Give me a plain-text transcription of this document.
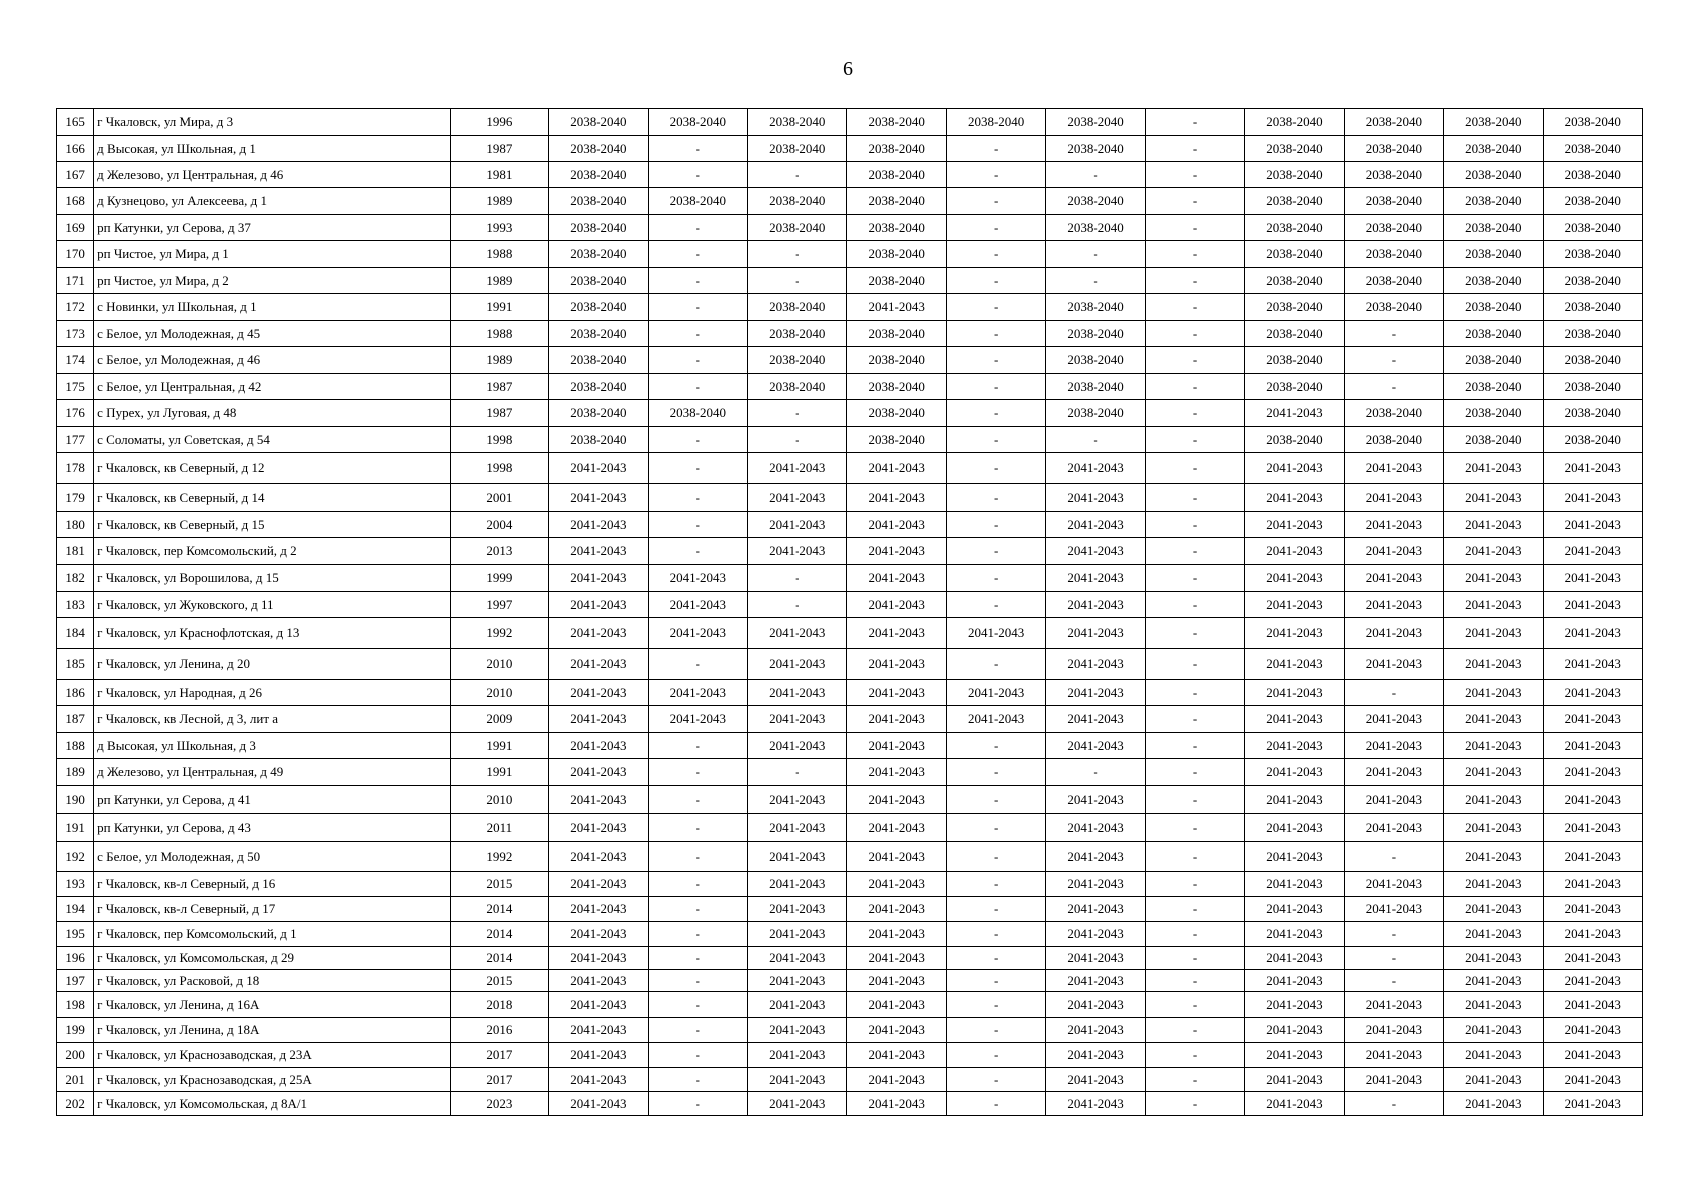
6
165	г Чкаловск, ул Мира, д 3	1996	2038-2040	2038-2040	2038-2040	2038-2040	2038-2040	2038-2040	-	2038-2040	2038-2040	2038-2040	2038-2040
166	д Высокая, ул Школьная, д 1	1987	2038-2040	-	2038-2040	2038-2040	-	2038-2040	-	2038-2040	2038-2040	2038-2040	2038-2040
167	д Железово, ул Центральная, д 46	1981	2038-2040	-	-	2038-2040	-	-	-	2038-2040	2038-2040	2038-2040	2038-2040
168	д Кузнецово, ул Алексеева, д 1	1989	2038-2040	2038-2040	2038-2040	2038-2040	-	2038-2040	-	2038-2040	2038-2040	2038-2040	2038-2040
169	рп Катунки, ул Серова, д 37	1993	2038-2040	-	2038-2040	2038-2040	-	2038-2040	-	2038-2040	2038-2040	2038-2040	2038-2040
170	рп Чистое, ул Мира, д 1	1988	2038-2040	-	-	2038-2040	-	-	-	2038-2040	2038-2040	2038-2040	2038-2040
171	рп Чистое, ул Мира, д 2	1989	2038-2040	-	-	2038-2040	-	-	-	2038-2040	2038-2040	2038-2040	2038-2040
172	с Новинки, ул Школьная, д 1	1991	2038-2040	-	2038-2040	2041-2043	-	2038-2040	-	2038-2040	2038-2040	2038-2040	2038-2040
173	с Белое, ул Молодежная, д 45	1988	2038-2040	-	2038-2040	2038-2040	-	2038-2040	-	2038-2040	-	2038-2040	2038-2040
174	с Белое, ул Молодежная, д 46	1989	2038-2040	-	2038-2040	2038-2040	-	2038-2040	-	2038-2040	-	2038-2040	2038-2040
175	с Белое, ул Центральная, д 42	1987	2038-2040	-	2038-2040	2038-2040	-	2038-2040	-	2038-2040	-	2038-2040	2038-2040
176	с Пурех, ул Луговая, д 48	1987	2038-2040	2038-2040	-	2038-2040	-	2038-2040	-	2041-2043	2038-2040	2038-2040	2038-2040
177	с Соломаты, ул Советская, д 54	1998	2038-2040	-	-	2038-2040	-	-	-	2038-2040	2038-2040	2038-2040	2038-2040
178	г Чкаловск, кв Северный, д 12	1998	2041-2043	-	2041-2043	2041-2043	-	2041-2043	-	2041-2043	2041-2043	2041-2043	2041-2043
179	г Чкаловск, кв Северный, д 14	2001	2041-2043	-	2041-2043	2041-2043	-	2041-2043	-	2041-2043	2041-2043	2041-2043	2041-2043
180	г Чкаловск, кв Северный, д 15	2004	2041-2043	-	2041-2043	2041-2043	-	2041-2043	-	2041-2043	2041-2043	2041-2043	2041-2043
181	г Чкаловск, пер Комсомольский, д 2	2013	2041-2043	-	2041-2043	2041-2043	-	2041-2043	-	2041-2043	2041-2043	2041-2043	2041-2043
182	г Чкаловск, ул Ворошилова, д 15	1999	2041-2043	2041-2043	-	2041-2043	-	2041-2043	-	2041-2043	2041-2043	2041-2043	2041-2043
183	г Чкаловск, ул Жуковского, д 11	1997	2041-2043	2041-2043	-	2041-2043	-	2041-2043	-	2041-2043	2041-2043	2041-2043	2041-2043
184	г Чкаловск, ул Краснофлотская, д 13	1992	2041-2043	2041-2043	2041-2043	2041-2043	2041-2043	2041-2043	-	2041-2043	2041-2043	2041-2043	2041-2043
185	г Чкаловск, ул Ленина, д 20	2010	2041-2043	-	2041-2043	2041-2043	-	2041-2043	-	2041-2043	2041-2043	2041-2043	2041-2043
186	г Чкаловск, ул Народная, д 26	2010	2041-2043	2041-2043	2041-2043	2041-2043	2041-2043	2041-2043	-	2041-2043	-	2041-2043	2041-2043
187	г Чкаловск, кв Лесной, д 3, лит а	2009	2041-2043	2041-2043	2041-2043	2041-2043	2041-2043	2041-2043	-	2041-2043	2041-2043	2041-2043	2041-2043
188	д Высокая, ул Школьная, д 3	1991	2041-2043	-	2041-2043	2041-2043	-	2041-2043	-	2041-2043	2041-2043	2041-2043	2041-2043
189	д Железово, ул Центральная, д 49	1991	2041-2043	-	-	2041-2043	-	-	-	2041-2043	2041-2043	2041-2043	2041-2043
190	рп Катунки, ул Серова, д 41	2010	2041-2043	-	2041-2043	2041-2043	-	2041-2043	-	2041-2043	2041-2043	2041-2043	2041-2043
191	рп Катунки, ул Серова, д 43	2011	2041-2043	-	2041-2043	2041-2043	-	2041-2043	-	2041-2043	2041-2043	2041-2043	2041-2043
192	с Белое, ул Молодежная, д 50	1992	2041-2043	-	2041-2043	2041-2043	-	2041-2043	-	2041-2043	-	2041-2043	2041-2043
193	г Чкаловск, кв-л Северный, д 16	2015	2041-2043	-	2041-2043	2041-2043	-	2041-2043	-	2041-2043	2041-2043	2041-2043	2041-2043
194	г Чкаловск, кв-л Северный, д 17	2014	2041-2043	-	2041-2043	2041-2043	-	2041-2043	-	2041-2043	2041-2043	2041-2043	2041-2043
195	г Чкаловск, пер Комсомольский, д 1	2014	2041-2043	-	2041-2043	2041-2043	-	2041-2043	-	2041-2043	-	2041-2043	2041-2043
196	г Чкаловск, ул Комсомольская, д 29	2014	2041-2043	-	2041-2043	2041-2043	-	2041-2043	-	2041-2043	-	2041-2043	2041-2043
197	г Чкаловск, ул Расковой, д 18	2015	2041-2043	-	2041-2043	2041-2043	-	2041-2043	-	2041-2043	-	2041-2043	2041-2043
198	г Чкаловск, ул Ленина, д 16А	2018	2041-2043	-	2041-2043	2041-2043	-	2041-2043	-	2041-2043	2041-2043	2041-2043	2041-2043
199	г Чкаловск, ул Ленина, д 18А	2016	2041-2043	-	2041-2043	2041-2043	-	2041-2043	-	2041-2043	2041-2043	2041-2043	2041-2043
200	г Чкаловск, ул Краснозаводская, д 23А	2017	2041-2043	-	2041-2043	2041-2043	-	2041-2043	-	2041-2043	2041-2043	2041-2043	2041-2043
201	г Чкаловск, ул Краснозаводская, д 25А	2017	2041-2043	-	2041-2043	2041-2043	-	2041-2043	-	2041-2043	2041-2043	2041-2043	2041-2043
202	г Чкаловск, ул Комсомольская, д 8А/1	2023	2041-2043	-	2041-2043	2041-2043	-	2041-2043	-	2041-2043	-	2041-2043	2041-2043
